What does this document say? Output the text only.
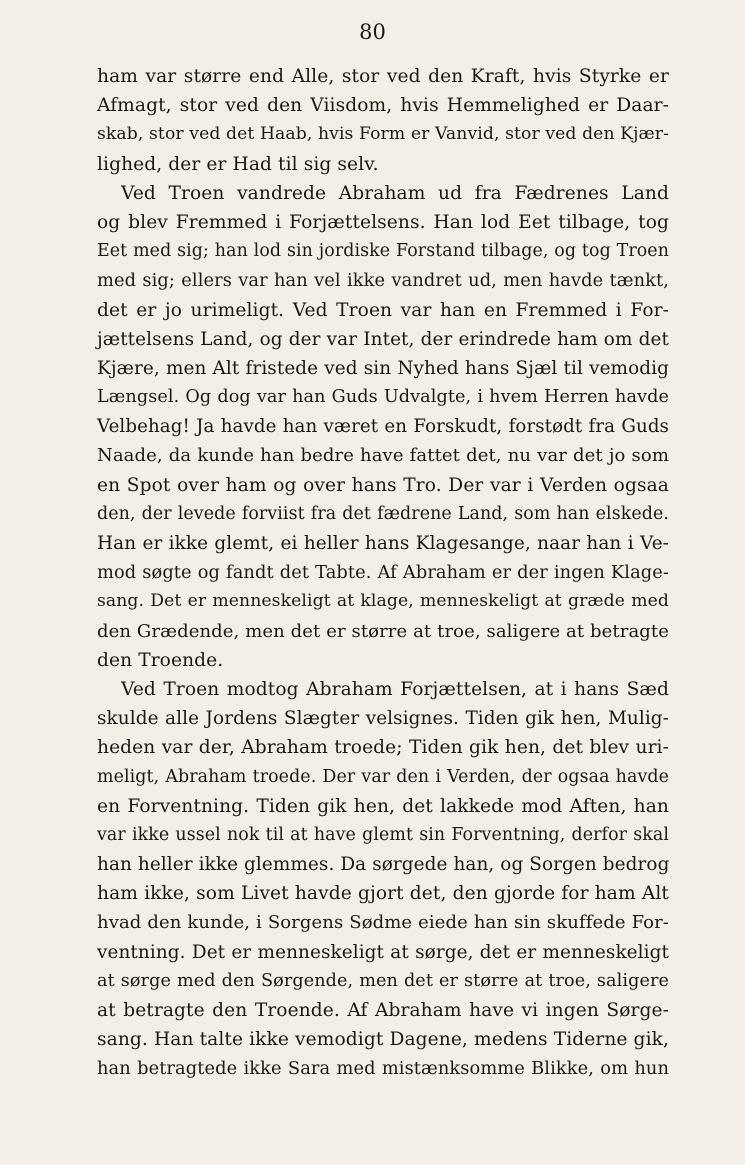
80
ham var større end Alle, stor ved den Kraft, hvis Styrke er
Afmagt, stor ved den Viisdom, hvis Hemmelighed er Daar-
skab, stor ved det Haab, hvis Form er Vanvid, stor ved den Kjær-
lighed, der er Had til sig selv.
Ved Troen vandrede Abraham ud fra Fædrenes Land
og blev Fremmed i Forjættelsens. Han lod Eet tilbage, tog
Eet med sig; han lod sin jordiske Forstand tilbage, og tog Troen
med sig; ellers var han vel ikke vandret ud, men havde tænkt,
det er jo urimeligt. Ved Troen var han en Fremmed i For-
jættelsens Land, og der var Intet, der erindrede ham om det
Kjære, men Alt fristede ved sin Nyhed hans Sjæl til vemodig
Længsel. Og dog var han Guds Udvalgte, i hvem Herren havde
Velbehag! Ja havde han været en Forskudt, forstødt fra Guds
Naade, da kunde han bedre have fattet det, nu var det jo som
en Spot over ham og over hans Tro. Der var i Verden ogsaa
den, der levede forviist fra det fædrene Land, som han elskede.
Han er ikke glemt, ei heller hans Klagesange, naar han i Ve-
mod søgte og fandt det Tabte. Af Abraham er der ingen Klage-
sang. Det er menneskeligt at klage, menneskeligt at græde med
den Grædende, men det er større at troe, saligere at betragte
den Troende.
Ved Troen modtog Abraham Forjættelsen, at i hans Sæd
skulde alle Jordens Slægter velsignes. Tiden gik hen, Mulig-
heden var der, Abraham troede; Tiden gik hen, det blev uri-
meligt, Abraham troede. Der var den i Verden, der ogsaa havde
en Forventning. Tiden gik hen, det lakkede mod Aften, han
var ikke ussel nok til at have glemt sin Forventning, derfor skal
han heller ikke glemmes. Da sørgede han, og Sorgen bedrog
ham ikke, som Livet havde gjort det, den gjorde for ham Alt
hvad den kunde, i Sorgens Sødme eiede han sin skuffede For-
ventning. Det er menneskeligt at sørge, det er menneskeligt
at sørge med den Sørgende, men det er større at troe, saligere
at betragte den Troende. Af Abraham have vi ingen Sørge-
sang. Han talte ikke vemodigt Dagene, medens Tiderne gik,
han betragtede ikke Sara med mistænksomme Blikke, om hun
